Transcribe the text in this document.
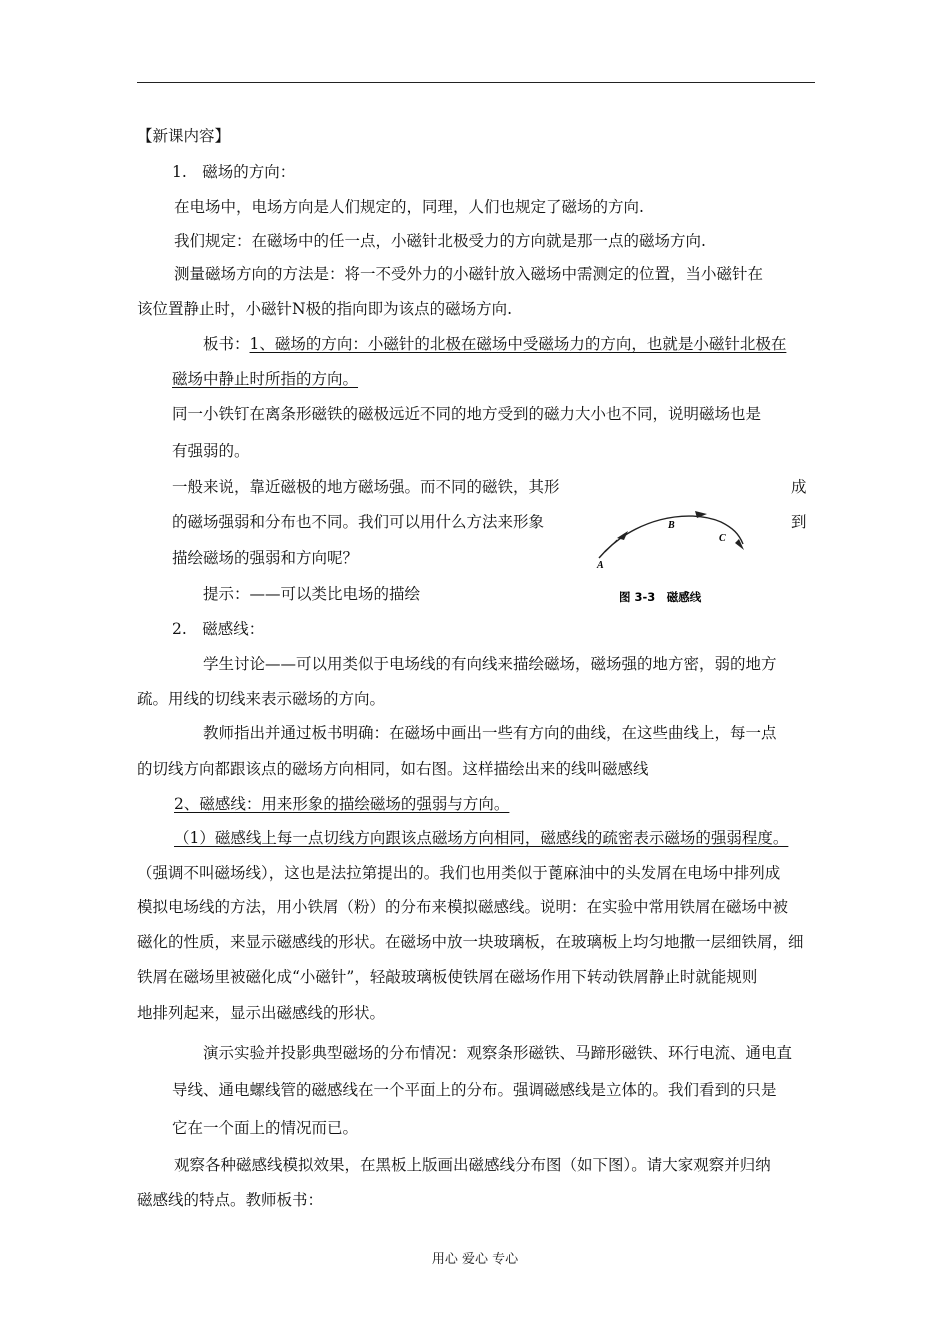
【新课内容】
1.　磁场的方向：
在电场中，电场方向是人们规定的，同理，人们也规定了磁场的方向.
我们规定：在磁场中的任一点，小磁针北极受力的方向就是那一点的磁场方向.
测量磁场方向的方法是：将一不受外力的小磁针放入磁场中需测定的位置，当小磁针在
该位置静止时，小磁针N极的指向即为该点的磁场方向.
板书：1、磁场的方向：小磁针的北极在磁场中受磁场力的方向，也就是小磁针北极在
磁场中静止时所指的方向。
同一小铁钉在离条形磁铁的磁极远近不同的地方受到的磁力大小也不同，说明磁场也是
有强弱的。
一般来说，靠近磁极的地方磁场强。而不同的磁铁，其形	成
的磁场强弱和分布也不同。我们可以用什么方法来形象	到
描绘磁场的强弱和方向呢？
提示：——可以类比电场的描绘
A
B
C
图 3-3　磁感线
2.　磁感线：
学生讨论——可以用类似于电场线的有向线来描绘磁场，磁场强的地方密，弱的地方
疏。用线的切线来表示磁场的方向。
教师指出并通过板书明确：在磁场中画出一些有方向的曲线，在这些曲线上，每一点
的切线方向都跟该点的磁场方向相同，如右图。这样描绘出来的线叫磁感线
2、磁感线：用来形象的描绘磁场的强弱与方向。
（1）磁感线上每一点切线方向跟该点磁场方向相同，磁感线的疏密表示磁场的强弱程度。
（强调不叫磁场线），这也是法拉第提出的。我们也用类似于蓖麻油中的头发屑在电场中排列成
模拟电场线的方法，用小铁屑（粉）的分布来模拟磁感线。说明：在实验中常用铁屑在磁场中被
磁化的性质，来显示磁感线的形状。在磁场中放一块玻璃板，在玻璃板上均匀地撒一层细铁屑，细
铁屑在磁场里被磁化成“小磁针”，轻敲玻璃板使铁屑在磁场作用下转动铁屑静止时就能规则
地排列起来，显示出磁感线的形状。
演示实验并投影典型磁场的分布情况：观察条形磁铁、马蹄形磁铁、环行电流、通电直
导线、通电螺线管的磁感线在一个平面上的分布。强调磁感线是立体的。我们看到的只是
它在一个面上的情况而已。
观察各种磁感线模拟效果，在黑板上版画出磁感线分布图（如下图）。请大家观察并归纳
磁感线的特点。教师板书：
用心 爱心 专心
